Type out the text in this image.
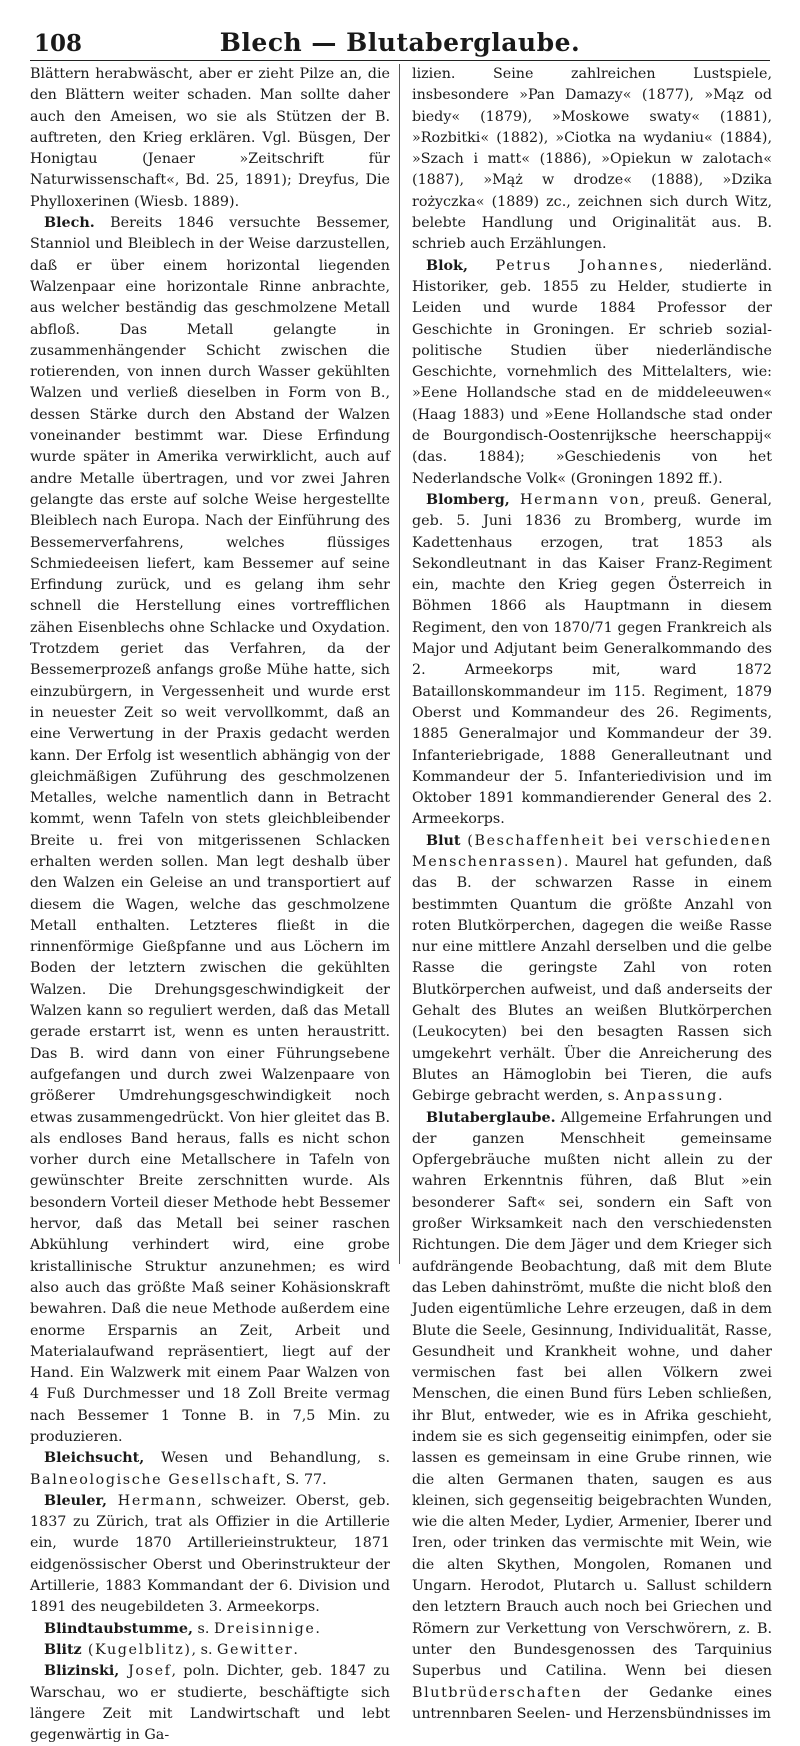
108	Blech — Blutaberglaube.

Blättern herabwäscht, aber er zieht Pilze an, die den Blättern weiter schaden. Man sollte daher auch den Ameisen, wo sie als Stützen der B. auftreten, den Krieg erklären. Vgl. Büsgen, Der Honigtau (Jenaer »Zeitschrift für Naturwissenschaft«, Bd. 25, 1891); Dreyfus, Die Phylloxerinen (Wiesb. 1889).

Blech. Bereits 1846 versuchte Bessemer, Stanniol und Bleiblech in der Weise darzustellen, daß er über einem horizontal liegenden Walzenpaar eine horizontale Rinne anbrachte, aus welcher beständig das geschmolzene Metall abfloß. Das Metall gelangte in zusammenhängender Schicht zwischen die rotierenden, von innen durch Wasser gekühlten Walzen und verließ dieselben in Form von B., dessen Stärke durch den Abstand der Walzen voneinander bestimmt war. Diese Erfindung wurde später in Amerika verwirklicht, auch auf andre Metalle übertragen, und vor zwei Jahren gelangte das erste auf solche Weise hergestellte Bleiblech nach Europa. Nach der Einführung des Bessemerverfahrens, welches flüssiges Schmiedeeisen liefert, kam Bessemer auf seine Erfindung zurück, und es gelang ihm sehr schnell die Herstellung eines vortrefflichen zähen Eisenblechs ohne Schlacke und Oxydation. Trotzdem geriet das Verfahren, da der Bessemerprozeß anfangs große Mühe hatte, sich einzubürgern, in Vergessenheit und wurde erst in neuester Zeit so weit vervollkommt, daß an eine Verwertung in der Praxis gedacht werden kann. Der Erfolg ist wesentlich abhängig von der gleichmäßigen Zuführung des geschmolzenen Metalles, welche namentlich dann in Betracht kommt, wenn Tafeln von stets gleichbleibender Breite u. frei von mitgerissenen Schlacken erhalten werden sollen. Man legt deshalb über den Walzen ein Geleise an und transportiert auf diesem die Wagen, welche das geschmolzene Metall enthalten. Letzteres fließt in die rinnenförmige Gießpfanne und aus Löchern im Boden der letztern zwischen die gekühlten Walzen. Die Drehungsgeschwindigkeit der Walzen kann so reguliert werden, daß das Metall gerade erstarrt ist, wenn es unten heraustritt. Das B. wird dann von einer Führungsebene aufgefangen und durch zwei Walzenpaare von größerer Umdrehungsgeschwindigkeit noch etwas zusammengedrückt. Von hier gleitet das B. als endloses Band heraus, falls es nicht schon vorher durch eine Metallschere in Tafeln von gewünschter Breite zerschnitten wurde. Als besondern Vorteil dieser Methode hebt Bessemer hervor, daß das Metall bei seiner raschen Abkühlung verhindert wird, eine grobe kristallinische Struktur anzunehmen; es wird also auch das größte Maß seiner Kohäsionskraft bewahren. Daß die neue Methode außerdem eine enorme Ersparnis an Zeit, Arbeit und Materialaufwand repräsentiert, liegt auf der Hand. Ein Walzwerk mit einem Paar Walzen von 4 Fuß Durchmesser und 18 Zoll Breite vermag nach Bessemer 1 Tonne B. in 7,5 Min. zu produzieren.

Bleichsucht, Wesen und Behandlung, s. Balneologische Gesellschaft, S. 77.

Bleuler, Hermann, schweizer. Oberst, geb. 1837 zu Zürich, trat als Offizier in die Artillerie ein, wurde 1870 Artillerieinstrukteur, 1871 eidgenössischer Oberst und Oberinstrukteur der Artillerie, 1883 Kommandant der 6. Division und 1891 des neugebildeten 3. Armeekorps.

Blindtaubstumme, s. Dreisinnige.

Blitz (Kugelblitz), s. Gewitter.

Blizinski, Josef, poln. Dichter, geb. 1847 zu Warschau, wo er studierte, beschäftigte sich längere Zeit mit Landwirtschaft und lebt gegenwärtig in Ga-

lizien. Seine zahlreichen Lustspiele, insbesondere »Pan Damazy« (1877), »Mąz od biedy« (1879), »Moskowe swaty« (1881), »Rozbitki« (1882), »Ciotka na wydaniu« (1884), »Szach i matt« (1886), »Opiekun w zalotach« (1887), »Mąż w drodze« (1888), »Dzika rożyczka« (1889) zc., zeichnen sich durch Witz, belebte Handlung und Originalität aus. B. schrieb auch Erzählungen.

Blok, Petrus Johannes, niederländ. Historiker, geb. 1855 zu Helder, studierte in Leiden und wurde 1884 Professor der Geschichte in Groningen. Er schrieb sozial-politische Studien über niederländische Geschichte, vornehmlich des Mittelalters, wie: »Eene Hollandsche stad en de middeleeuwen« (Haag 1883) und »Eene Hollandsche stad onder de Bourgondisch-Oostenrijksche heerschappij« (das. 1884); »Geschiedenis von het Nederlandsche Volk« (Groningen 1892 ff.).

Blomberg, Hermann von, preuß. General, geb. 5. Juni 1836 zu Bromberg, wurde im Kadettenhaus erzogen, trat 1853 als Sekondleutnant in das Kaiser Franz-Regiment ein, machte den Krieg gegen Österreich in Böhmen 1866 als Hauptmann in diesem Regiment, den von 1870/71 gegen Frankreich als Major und Adjutant beim Generalkommando des 2. Armeekorps mit, ward 1872 Bataillonskommandeur im 115. Regiment, 1879 Oberst und Kommandeur des 26. Regiments, 1885 Generalmajor und Kommandeur der 39. Infanteriebrigade, 1888 Generalleutnant und Kommandeur der 5. Infanteriedivision und im Oktober 1891 kommandierender General des 2. Armeekorps.

Blut (Beschaffenheit bei verschiedenen Menschenrassen). Maurel hat gefunden, daß das B. der schwarzen Rasse in einem bestimmten Quantum die größte Anzahl von roten Blutkörperchen, dagegen die weiße Rasse nur eine mittlere Anzahl derselben und die gelbe Rasse die geringste Zahl von roten Blutkörperchen aufweist, und daß anderseits der Gehalt des Blutes an weißen Blutkörperchen (Leukocyten) bei den besagten Rassen sich umgekehrt verhält. Über die Anreicherung des Blutes an Hämoglobin bei Tieren, die aufs Gebirge gebracht werden, s. Anpassung.

Blutaberglaube. Allgemeine Erfahrungen und der ganzen Menschheit gemeinsame Opfergebräuche mußten nicht allein zu der wahren Erkenntnis führen, daß Blut »ein besonderer Saft« sei, sondern ein Saft von großer Wirksamkeit nach den verschiedensten Richtungen. Die dem Jäger und dem Krieger sich aufdrängende Beobachtung, daß mit dem Blute das Leben dahinströmt, mußte die nicht bloß den Juden eigentümliche Lehre erzeugen, daß in dem Blute die Seele, Gesinnung, Individualität, Rasse, Gesundheit und Krankheit wohne, und daher vermischen fast bei allen Völkern zwei Menschen, die einen Bund fürs Leben schließen, ihr Blut, entweder, wie es in Afrika geschieht, indem sie es sich gegenseitig einimpfen, oder sie lassen es gemeinsam in eine Grube rinnen, wie die alten Germanen thaten, saugen es aus kleinen, sich gegenseitig beigebrachten Wunden, wie die alten Meder, Lydier, Armenier, Iberer und Iren, oder trinken das vermischte mit Wein, wie die alten Skythen, Mongolen, Romanen und Ungarn. Herodot, Plutarch u. Sallust schildern den letztern Brauch auch noch bei Griechen und Römern zur Verkettung von Verschwörern, z. B. unter den Bundesgenossen des Tarquinius Superbus und Catilina. Wenn bei diesen Blutbrüderschaften der Gedanke eines untrennbaren Seelen- und Herzensbündnisses im
